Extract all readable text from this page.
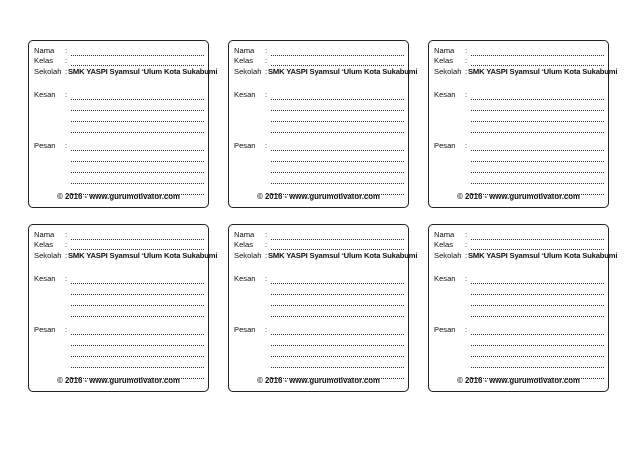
Nama :
Kelas :
Sekolah : SMK YASPI Syamsul ‘Ulum Kota Sukabumi
Kesan :
Pesan :
© 2016 - www.gurumotivator.com
Nama :
Kelas :
Sekolah : SMK YASPI Syamsul ‘Ulum Kota Sukabumi
Kesan :
Pesan :
© 2016 - www.gurumotivator.com
Nama :
Kelas :
Sekolah : SMK YASPI Syamsul ‘Ulum Kota Sukabumi
Kesan :
Pesan :
© 2016 - www.gurumotivator.com
Nama :
Kelas :
Sekolah : SMK YASPI Syamsul ‘Ulum Kota Sukabumi
Kesan :
Pesan :
© 2016 - www.gurumotivator.com
Nama :
Kelas :
Sekolah : SMK YASPI Syamsul ‘Ulum Kota Sukabumi
Kesan :
Pesan :
© 2016 - www.gurumotivator.com
Nama :
Kelas :
Sekolah : SMK YASPI Syamsul ‘Ulum Kota Sukabumi
Kesan :
Pesan :
© 2016 - www.gurumotivator.com
